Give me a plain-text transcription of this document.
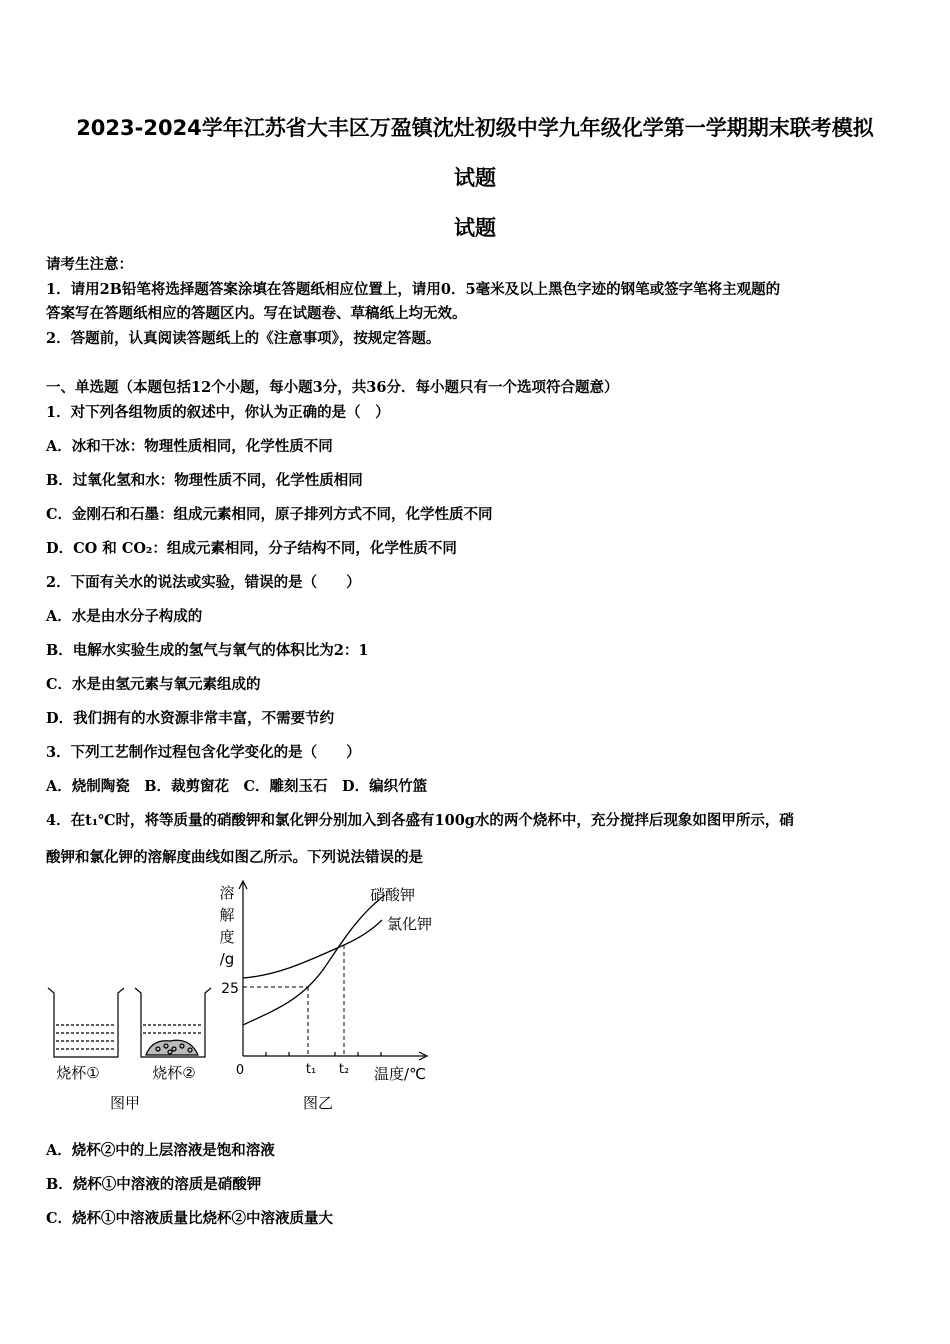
2023-2024学年江苏省大丰区万盈镇沈灶初级中学九年级化学第一学期期末联考模拟
试题
试题
请考生注意：
1．请用2B铅笔将选择题答案涂填在答题纸相应位置上，请用0．5毫米及以上黑色字迹的钢笔或签字笔将主观题的
答案写在答题纸相应的答题区内。写在试题卷、草稿纸上均无效。
2．答题前，认真阅读答题纸上的《注意事项》，按规定答题。
一、单选题（本题包括12个小题，每小题3分，共36分．每小题只有一个选项符合题意）
1．对下列各组物质的叙述中，你认为正确的是（　）
A．冰和干冰：物理性质相同，化学性质不同
B．过氧化氢和水：物理性质不同，化学性质相同
C．金刚石和石墨：组成元素相同，原子排列方式不同，化学性质不同
D．CO 和 CO₂：组成元素相同，分子结构不同，化学性质不同
2．下面有关水的说法或实验，错误的是（　　）
A．水是由水分子构成的
B．电解水实验生成的氢气与氧气的体积比为2：1
C．水是由氢元素与氧元素组成的
D．我们拥有的水资源非常丰富，不需要节约
3．下列工艺制作过程包含化学变化的是（　　）
A．烧制陶瓷　B．裁剪窗花　C．雕刻玉石　D．编织竹篮
4．在t₁℃时，将等质量的硝酸钾和氯化钾分别加入到各盛有100g水的两个烧杯中，充分搅拌后现象如图甲所示，硝
酸钾和氯化钾的溶解度曲线如图乙所示。下列说法错误的是
烧杯①	烧杯②
图甲
溶
解
度
/g
25
0	t₁ t₂ 温度/℃
硝酸钾
氯化钾
图乙
A．烧杯②中的上层溶液是饱和溶液
B．烧杯①中溶液的溶质是硝酸钾
C．烧杯①中溶液质量比烧杯②中溶液质量大
